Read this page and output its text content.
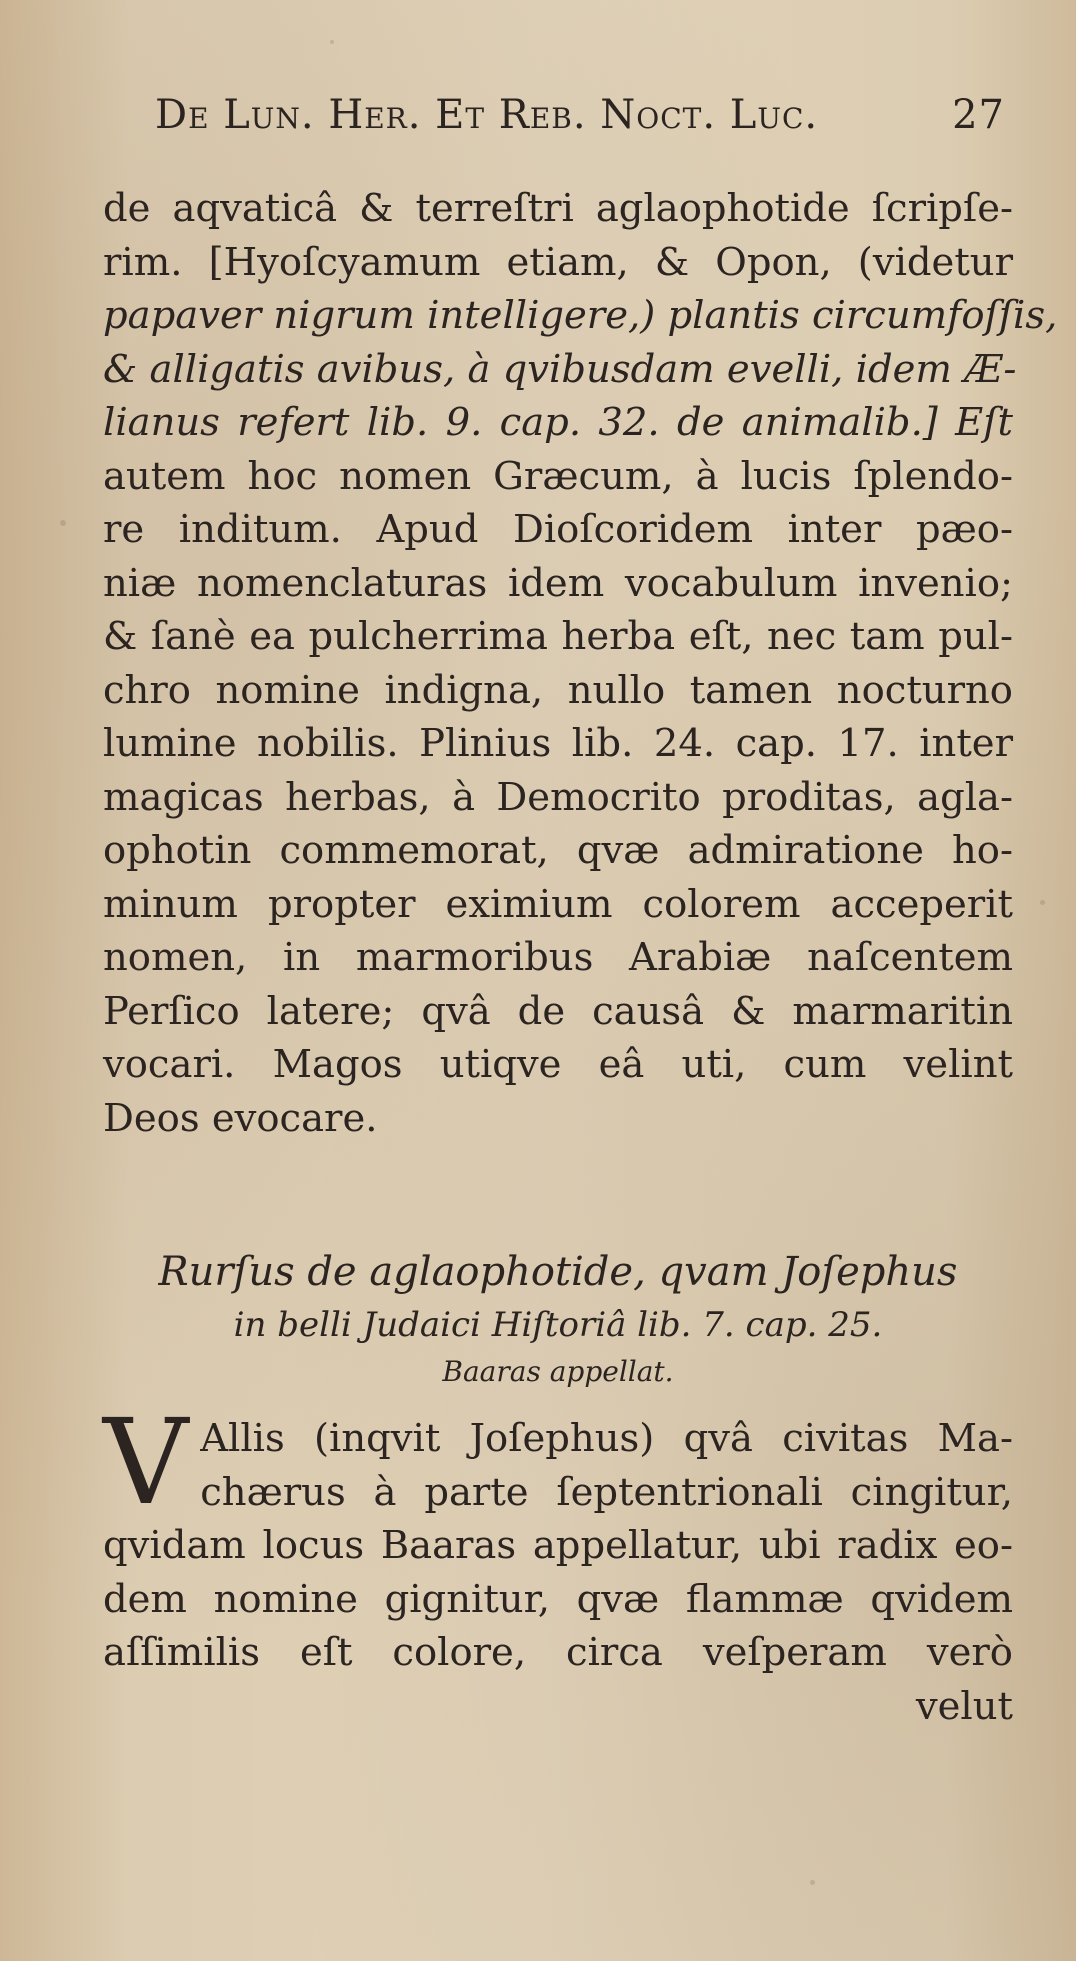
De Lun. Her. Et Reb. Noct. Luc.	27
de aqvaticâ & terreſtri aglaophotide ſcripſe-
rim. [Hyoſcyamum etiam, & Opon, (videtur
papaver nigrum intelligere,) plantis circumfoſſis,
& alligatis avibus, à qvibusdam evelli, idem Æ-
lianus refert lib. 9. cap. 32. de animalib.] Eſt
autem hoc nomen Græcum, à lucis ſplendo-
re inditum. Apud Dioſcoridem inter pæo-
niæ nomenclaturas idem vocabulum invenio;
& ſanè ea pulcherrima herba eſt, nec tam pul-
chro nomine indigna, nullo tamen nocturno
lumine nobilis. Plinius lib. 24. cap. 17. inter
magicas herbas, à Democrito proditas, agla-
ophotin commemorat, qvæ admiratione ho-
minum propter eximium colorem acceperit
nomen, in marmoribus Arabiæ naſcentem
Perſico latere; qvâ de causâ & marmaritin
vocari. Magos utiqve eâ uti, cum velint
Deos evocare.
Rurſus de aglaophotide, qvam Joſephus
in belli Judaici Hiſtoriâ lib. 7. cap. 25.
Baaras appellat.
V Allis (inqvit Joſephus) qvâ civitas Ma-
chærus à parte ſeptentrionali cingitur,
qvidam locus Baaras appellatur, ubi radix eo-
dem nomine gignitur, qvæ flammæ qvidem
aſſimilis eſt colore, circa veſperam verò
velut
